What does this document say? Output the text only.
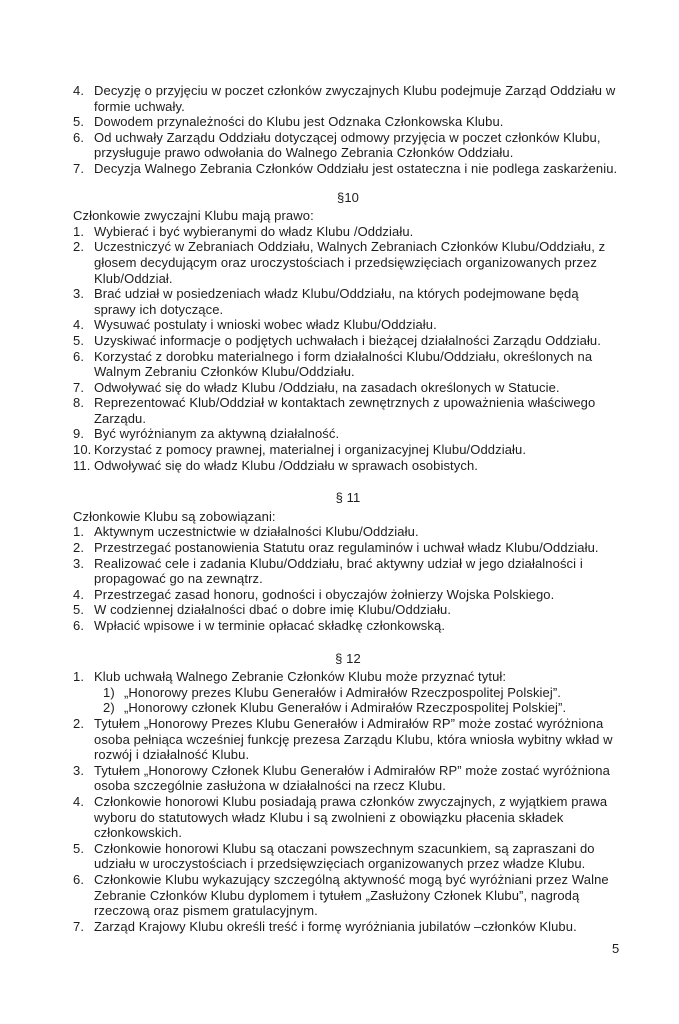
4. Decyzję o przyjęciu w poczet członków zwyczajnych Klubu podejmuje Zarząd Oddziału w formie uchwały.
5. Dowodem przynależności do Klubu jest Odznaka Członkowska Klubu.
6. Od uchwały Zarządu Oddziału dotyczącej odmowy przyjęcia w poczet członków Klubu, przysługuje prawo odwołania do Walnego Zebrania Członków Oddziału.
7. Decyzja Walnego Zebrania Członków Oddziału jest ostateczna i nie podlega zaskarżeniu.
§10
Członkowie zwyczajni Klubu mają prawo:
1. Wybierać i być wybieranymi do władz Klubu /Oddziału.
2. Uczestniczyć w Zebraniach Oddziału, Walnych Zebraniach Członków Klubu/Oddziału, z głosem decydującym oraz uroczystościach i przedsięwzięciach organizowanych przez Klub/Oddział.
3. Brać udział w posiedzeniach władz Klubu/Oddziału, na których podejmowane będą sprawy ich dotyczące.
4. Wysuwać postulaty i wnioski wobec władz Klubu/Oddziału.
5. Uzyskiwać informacje o podjętych uchwałach i bieżącej działalności Zarządu Oddziału.
6. Korzystać z dorobku materialnego i form działalności Klubu/Oddziału, określonych na Walnym Zebraniu Członków Klubu/Oddziału.
7. Odwoływać się do władz Klubu /Oddziału, na zasadach określonych w Statucie.
8. Reprezentować Klub/Oddział w kontaktach zewnętrznych z upoważnienia właściwego Zarządu.
9. Być wyróżnianym za aktywną działalność.
10. Korzystać z pomocy prawnej, materialnej i organizacyjnej Klubu/Oddziału.
11. Odwoływać się do władz Klubu /Oddziału w sprawach osobistych.
§ 11
Członkowie Klubu są zobowiązani:
1. Aktywnym uczestnictwie w działalności Klubu/Oddziału.
2. Przestrzegać postanowienia Statutu oraz regulaminów i uchwał władz Klubu/Oddziału.
3. Realizować cele i zadania Klubu/Oddziału, brać aktywny udział w jego działalności i propagować go na zewnątrz.
4. Przestrzegać zasad honoru, godności i obyczajów żołnierzy Wojska Polskiego.
5. W codziennej działalności dbać o dobre imię Klubu/Oddziału.
6. Wpłacić wpisowe i w terminie opłacać składkę członkowską.
§ 12
1. Klub uchwałą Walnego Zebranie Członków Klubu może przyznać tytuł:
1) „Honorowy prezes Klubu Generałów i Admirałów Rzeczpospolitej Polskiej”.
2) „Honorowy członek Klubu Generałów i Admirałów Rzeczpospolitej Polskiej”.
2. Tytułem „Honorowy Prezes Klubu Generałów i Admirałów RP” może zostać wyróżniona osoba pełniąca wcześniej funkcję prezesa Zarządu Klubu, która wniosła wybitny wkład w rozwój i działalność Klubu.
3. Tytułem „Honorowy Członek Klubu Generałów i Admirałów RP” może zostać wyróżniona osoba szczególnie zasłużona w działalności na rzecz Klubu.
4. Członkowie honorowi Klubu posiadają prawa członków zwyczajnych, z wyjątkiem prawa wyboru do statutowych władz Klubu i są zwolnieni z obowiązku płacenia składek członkowskich.
5. Członkowie honorowi Klubu są otaczani powszechnym szacunkiem, są zapraszani do udziału w uroczystościach i przedsięwzięciach organizowanych przez władze Klubu.
6. Członkowie Klubu wykazujący szczególną aktywność mogą być wyróżniani przez Walne Zebranie Członków Klubu dyplomem i tytułem „Zasłużony Członek Klubu”, nagrodą rzeczową oraz pismem gratulacyjnym.
7. Zarząd Krajowy Klubu określi treść i formę wyróżniania jubilatów –członków Klubu.
5
